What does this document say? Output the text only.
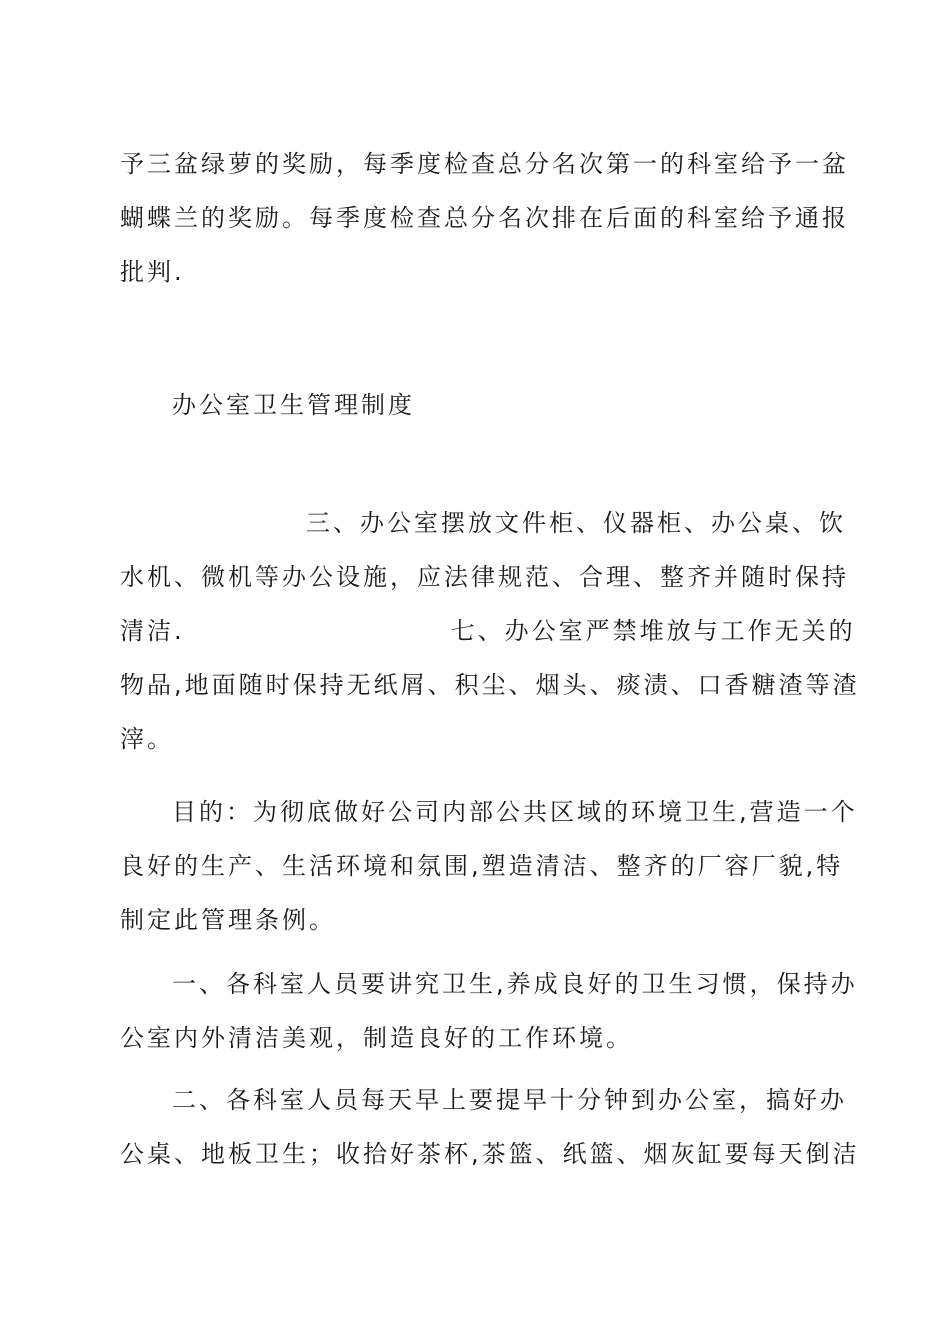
予三盆绿萝的奖励，每季度检查总分名次第一的科室给予一盆
蝴蝶兰的奖励。每季度检查总分名次排在后面的科室给予通报
批判.
办公室卫生管理制度
三、办公室摆放文件柜、仪器柜、办公桌、饮
水机、微机等办公设施，应法律规范、合理、整齐并随时保持
清洁.	七、办公室严禁堆放与工作无关的
物品,地面随时保持无纸屑、积尘、烟头、痰渍、口香糖渣等渣
滓。
目的：为彻底做好公司内部公共区域的环境卫生,营造一个
良好的生产、生活环境和氛围,塑造清洁、整齐的厂容厂貌,特
制定此管理条例。
一、各科室人员要讲究卫生,养成良好的卫生习惯，保持办
公室内外清洁美观，制造良好的工作环境。
二、各科室人员每天早上要提早十分钟到办公室，搞好办
公桌、地板卫生；收拾好茶杯,茶篮、纸篮、烟灰缸要每天倒洁
